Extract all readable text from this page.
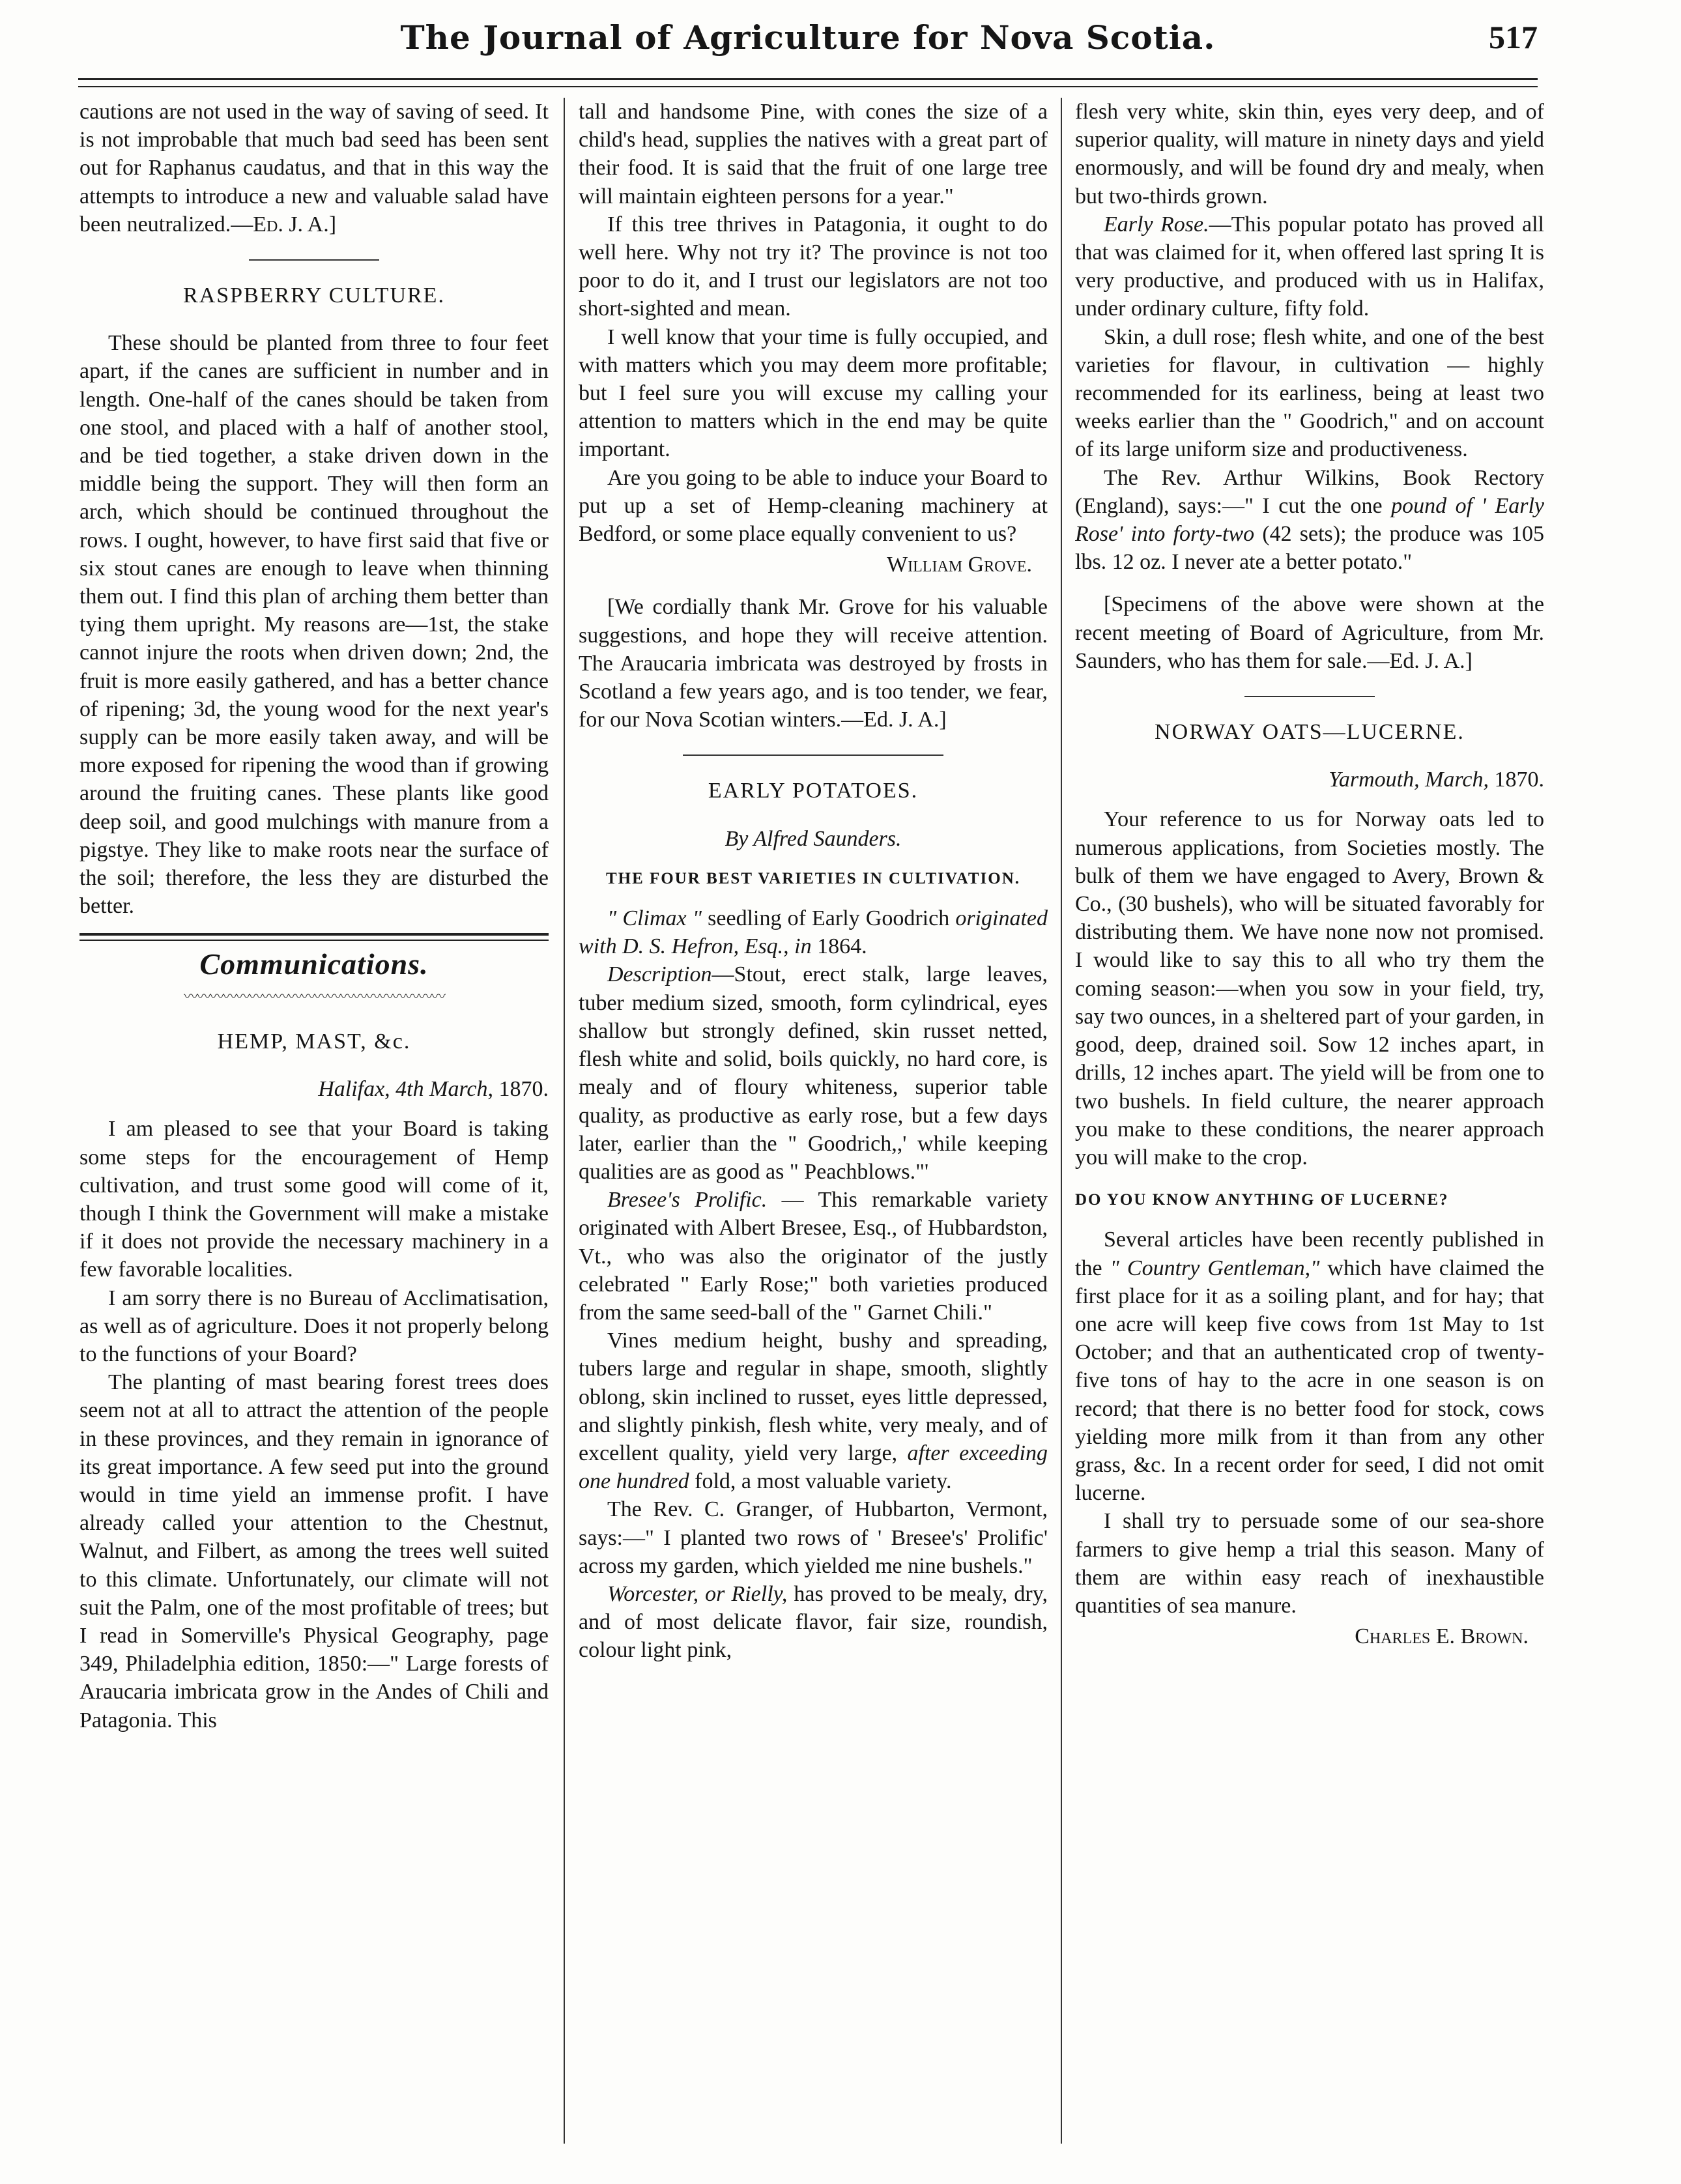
The Journal of Agriculture for Nova Scotia.	517

cautions are not used in the way of saving of seed. It is not improbable that much bad seed has been sent out for Raphanus caudatus, and that in this way the attempts to introduce a new and valuable salad have been neutralized.—Ed. J. A.]

RASPBERRY CULTURE.

These should be planted from three to four feet apart, if the canes are sufficient in number and in length. One-half of the canes should be taken from one stool, and placed with a half of another stool, and be tied together, a stake driven down in the middle being the support. They will then form an arch, which should be continued throughout the rows. I ought, however, to have first said that five or six stout canes are enough to leave when thinning them out. I find this plan of arching them better than tying them upright. My reasons are—1st, the stake cannot injure the roots when driven down; 2nd, the fruit is more easily gathered, and has a better chance of ripening; 3d, the young wood for the next year's supply can be more easily taken away, and will be more exposed for ripening the wood than if growing around the fruiting canes. These plants like good deep soil, and good mulchings with manure from a pigstye. They like to make roots near the surface of the soil; therefore, the less they are disturbed the better.

Communications.

〰〰〰〰〰〰〰〰〰〰〰〰〰〰〰〰〰〰〰〰

HEMP, MAST, &c.

Halifax, 4th March, 1870.

I am pleased to see that your Board is taking some steps for the encouragement of Hemp cultivation, and trust some good will come of it, though I think the Government will make a mistake if it does not provide the necessary machinery in a few favorable localities.

I am sorry there is no Bureau of Acclimatisation, as well as of agriculture. Does it not properly belong to the functions of your Board?

The planting of mast bearing forest trees does seem not at all to attract the attention of the people in these provinces, and they remain in ignorance of its great importance. A few seed put into the ground would in time yield an immense profit. I have already called your attention to the Chestnut, Walnut, and Filbert, as among the trees well suited to this climate. Unfortunately, our climate will not suit the Palm, one of the most profitable of trees; but I read in Somerville's Physical Geography, page 349, Philadelphia edition, 1850:—" Large forests of Araucaria imbricata grow in the Andes of Chili and Patagonia. This

tall and handsome Pine, with cones the size of a child's head, supplies the natives with a great part of their food. It is said that the fruit of one large tree will maintain eighteen persons for a year."

If this tree thrives in Patagonia, it ought to do well here. Why not try it? The province is not too poor to do it, and I trust our legislators are not too short-sighted and mean.

I well know that your time is fully occupied, and with matters which you may deem more profitable; but I feel sure you will excuse my calling your attention to matters which in the end may be quite important.

Are you going to be able to induce your Board to put up a set of Hemp-cleaning machinery at Bedford, or some place equally convenient to us?

William Grove.

[We cordially thank Mr. Grove for his valuable suggestions, and hope they will receive attention. The Araucaria imbricata was destroyed by frosts in Scotland a few years ago, and is too tender, we fear, for our Nova Scotian winters.—Ed. J. A.]

EARLY POTATOES.

By Alfred Saunders.

THE FOUR BEST VARIETIES IN CULTIVATION.

" Climax " seedling of Early Goodrich originated with D. S. Hefron, Esq., in 1864.

Description—Stout, erect stalk, large leaves, tuber medium sized, smooth, form cylindrical, eyes shallow but strongly defined, skin russet netted, flesh white and solid, boils quickly, no hard core, is mealy and of floury whiteness, superior table quality, as productive as early rose, but a few days later, earlier than the " Goodrich,,' while keeping qualities are as good as " Peachblows."'

Bresee's Prolific. — This remarkable variety originated with Albert Bresee, Esq., of Hubbardston, Vt., who was also the originator of the justly celebrated " Early Rose;" both varieties produced from the same seed-ball of the " Garnet Chili."

Vines medium height, bushy and spreading, tubers large and regular in shape, smooth, slightly oblong, skin inclined to russet, eyes little depressed, and slightly pinkish, flesh white, very mealy, and of excellent quality, yield very large, after exceeding one hundred fold, a most valuable variety.

The Rev. C. Granger, of Hubbarton, Vermont, says:—" I planted two rows of ' Bresee's' Prolific' across my garden, which yielded me nine bushels."

Worcester, or Rielly, has proved to be mealy, dry, and of most delicate flavor, fair size, roundish, colour light pink,

flesh very white, skin thin, eyes very deep, and of superior quality, will mature in ninety days and yield enormously, and will be found dry and mealy, when but two-thirds grown.

Early Rose.—This popular potato has proved all that was claimed for it, when offered last spring It is very productive, and produced with us in Halifax, under ordinary culture, fifty fold.

Skin, a dull rose; flesh white, and one of the best varieties for flavour, in cultivation — highly recommended for its earliness, being at least two weeks earlier than the " Goodrich," and on account of its large uniform size and productiveness.

The Rev. Arthur Wilkins, Book Rectory (England), says:—" I cut the one pound of ' Early Rose' into forty-two (42 sets); the produce was 105 lbs. 12 oz. I never ate a better potato."

[Specimens of the above were shown at the recent meeting of Board of Agriculture, from Mr. Saunders, who has them for sale.—Ed. J. A.]

NORWAY OATS—LUCERNE.

Yarmouth, March, 1870.

Your reference to us for Norway oats led to numerous applications, from Societies mostly. The bulk of them we have engaged to Avery, Brown & Co., (30 bushels), who will be situated favorably for distributing them. We have none now not promised. I would like to say this to all who try them the coming season:—when you sow in your field, try, say two ounces, in a sheltered part of your garden, in good, deep, drained soil. Sow 12 inches apart, in drills, 12 inches apart. The yield will be from one to two bushels. In field culture, the nearer approach you make to these conditions, the nearer approach you will make to the crop.

DO YOU KNOW ANYTHING OF LUCERNE?

Several articles have been recently published in the " Country Gentleman," which have claimed the first place for it as a soiling plant, and for hay; that one acre will keep five cows from 1st May to 1st October; and that an authenticated crop of twenty-five tons of hay to the acre in one season is on record; that there is no better food for stock, cows yielding more milk from it than from any other grass, &c. In a recent order for seed, I did not omit lucerne.

I shall try to persuade some of our sea-shore farmers to give hemp a trial this season. Many of them are within easy reach of inexhaustible quantities of sea manure.

Charles E. Brown.
